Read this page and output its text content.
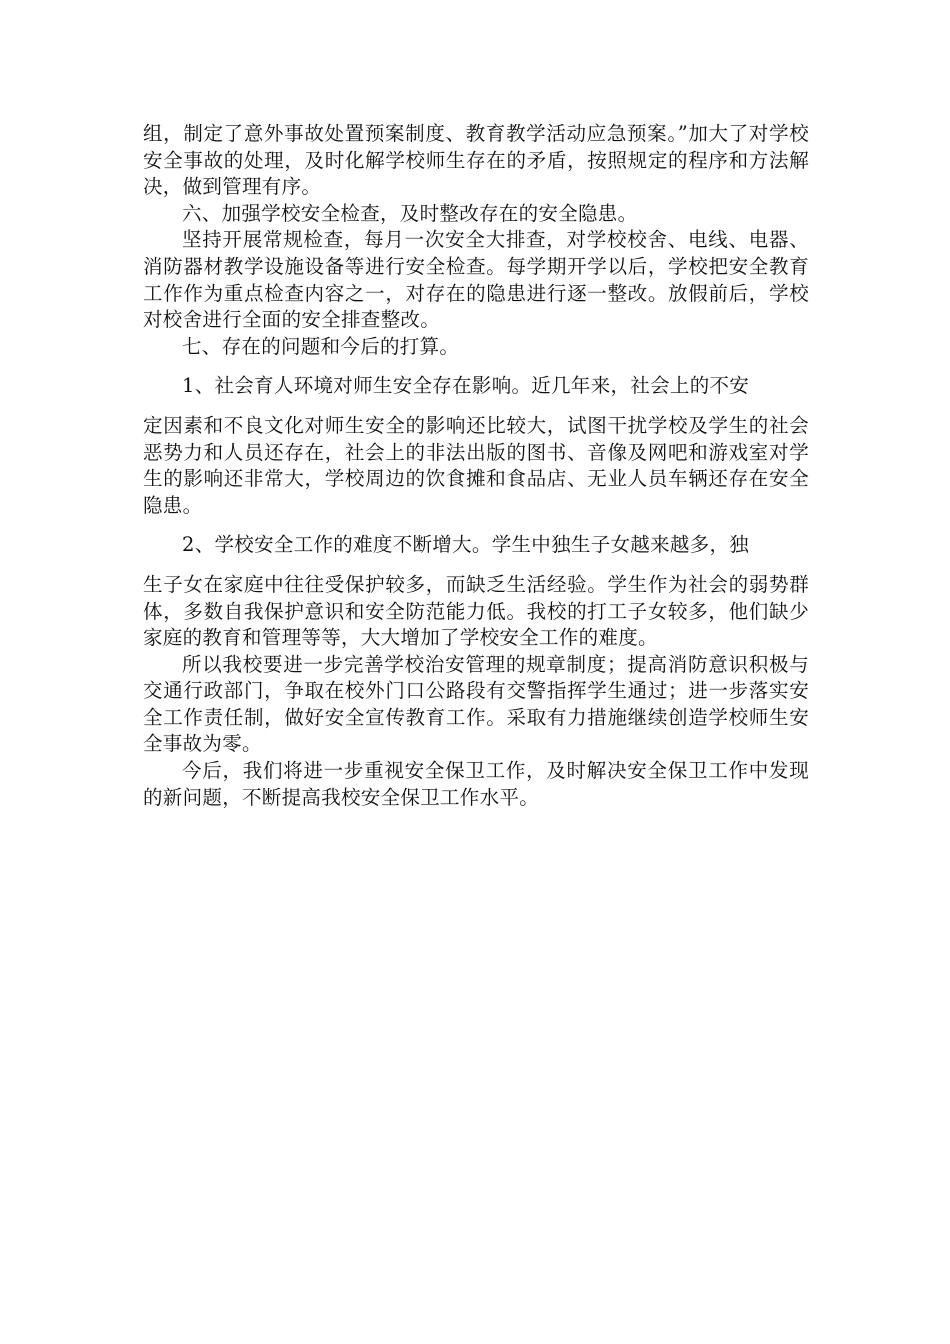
组，制定了意外事故处置预案制度、教育教学活动应急预案。”加大了对学校安全事故的处理，及时化解学校师生存在的矛盾，按照规定的程序和方法解决，做到管理有序。

六、加强学校安全检查，及时整改存在的安全隐患。

坚持开展常规检查，每月一次安全大排查，对学校校舍、电线、电器、消防器材教学设施设备等进行安全检查。每学期开学以后，学校把安全教育工作作为重点检查内容之一，对存在的隐患进行逐一整改。放假前后，学校对校舍进行全面的安全排查整改。

七、存在的问题和今后的打算。

1、社会育人环境对师生安全存在影响。近几年来，社会上的不安

定因素和不良文化对师生安全的影响还比较大，试图干扰学校及学生的社会恶势力和人员还存在，社会上的非法出版的图书、音像及网吧和游戏室对学生的影响还非常大，学校周边的饮食摊和食品店、无业人员车辆还存在安全隐患。

2、学校安全工作的难度不断增大。学生中独生子女越来越多，独

生子女在家庭中往往受保护较多，而缺乏生活经验。学生作为社会的弱势群体，多数自我保护意识和安全防范能力低。我校的打工子女较多，他们缺少家庭的教育和管理等等，大大增加了学校安全工作的难度。

所以我校要进一步完善学校治安管理的规章制度；提高消防意识积极与交通行政部门，争取在校外门口公路段有交警指挥学生通过；进一步落实安全工作责任制，做好安全宣传教育工作。采取有力措施继续创造学校师生安全事故为零。

今后，我们将进一步重视安全保卫工作，及时解决安全保卫工作中发现的新问题，不断提高我校安全保卫工作水平。
